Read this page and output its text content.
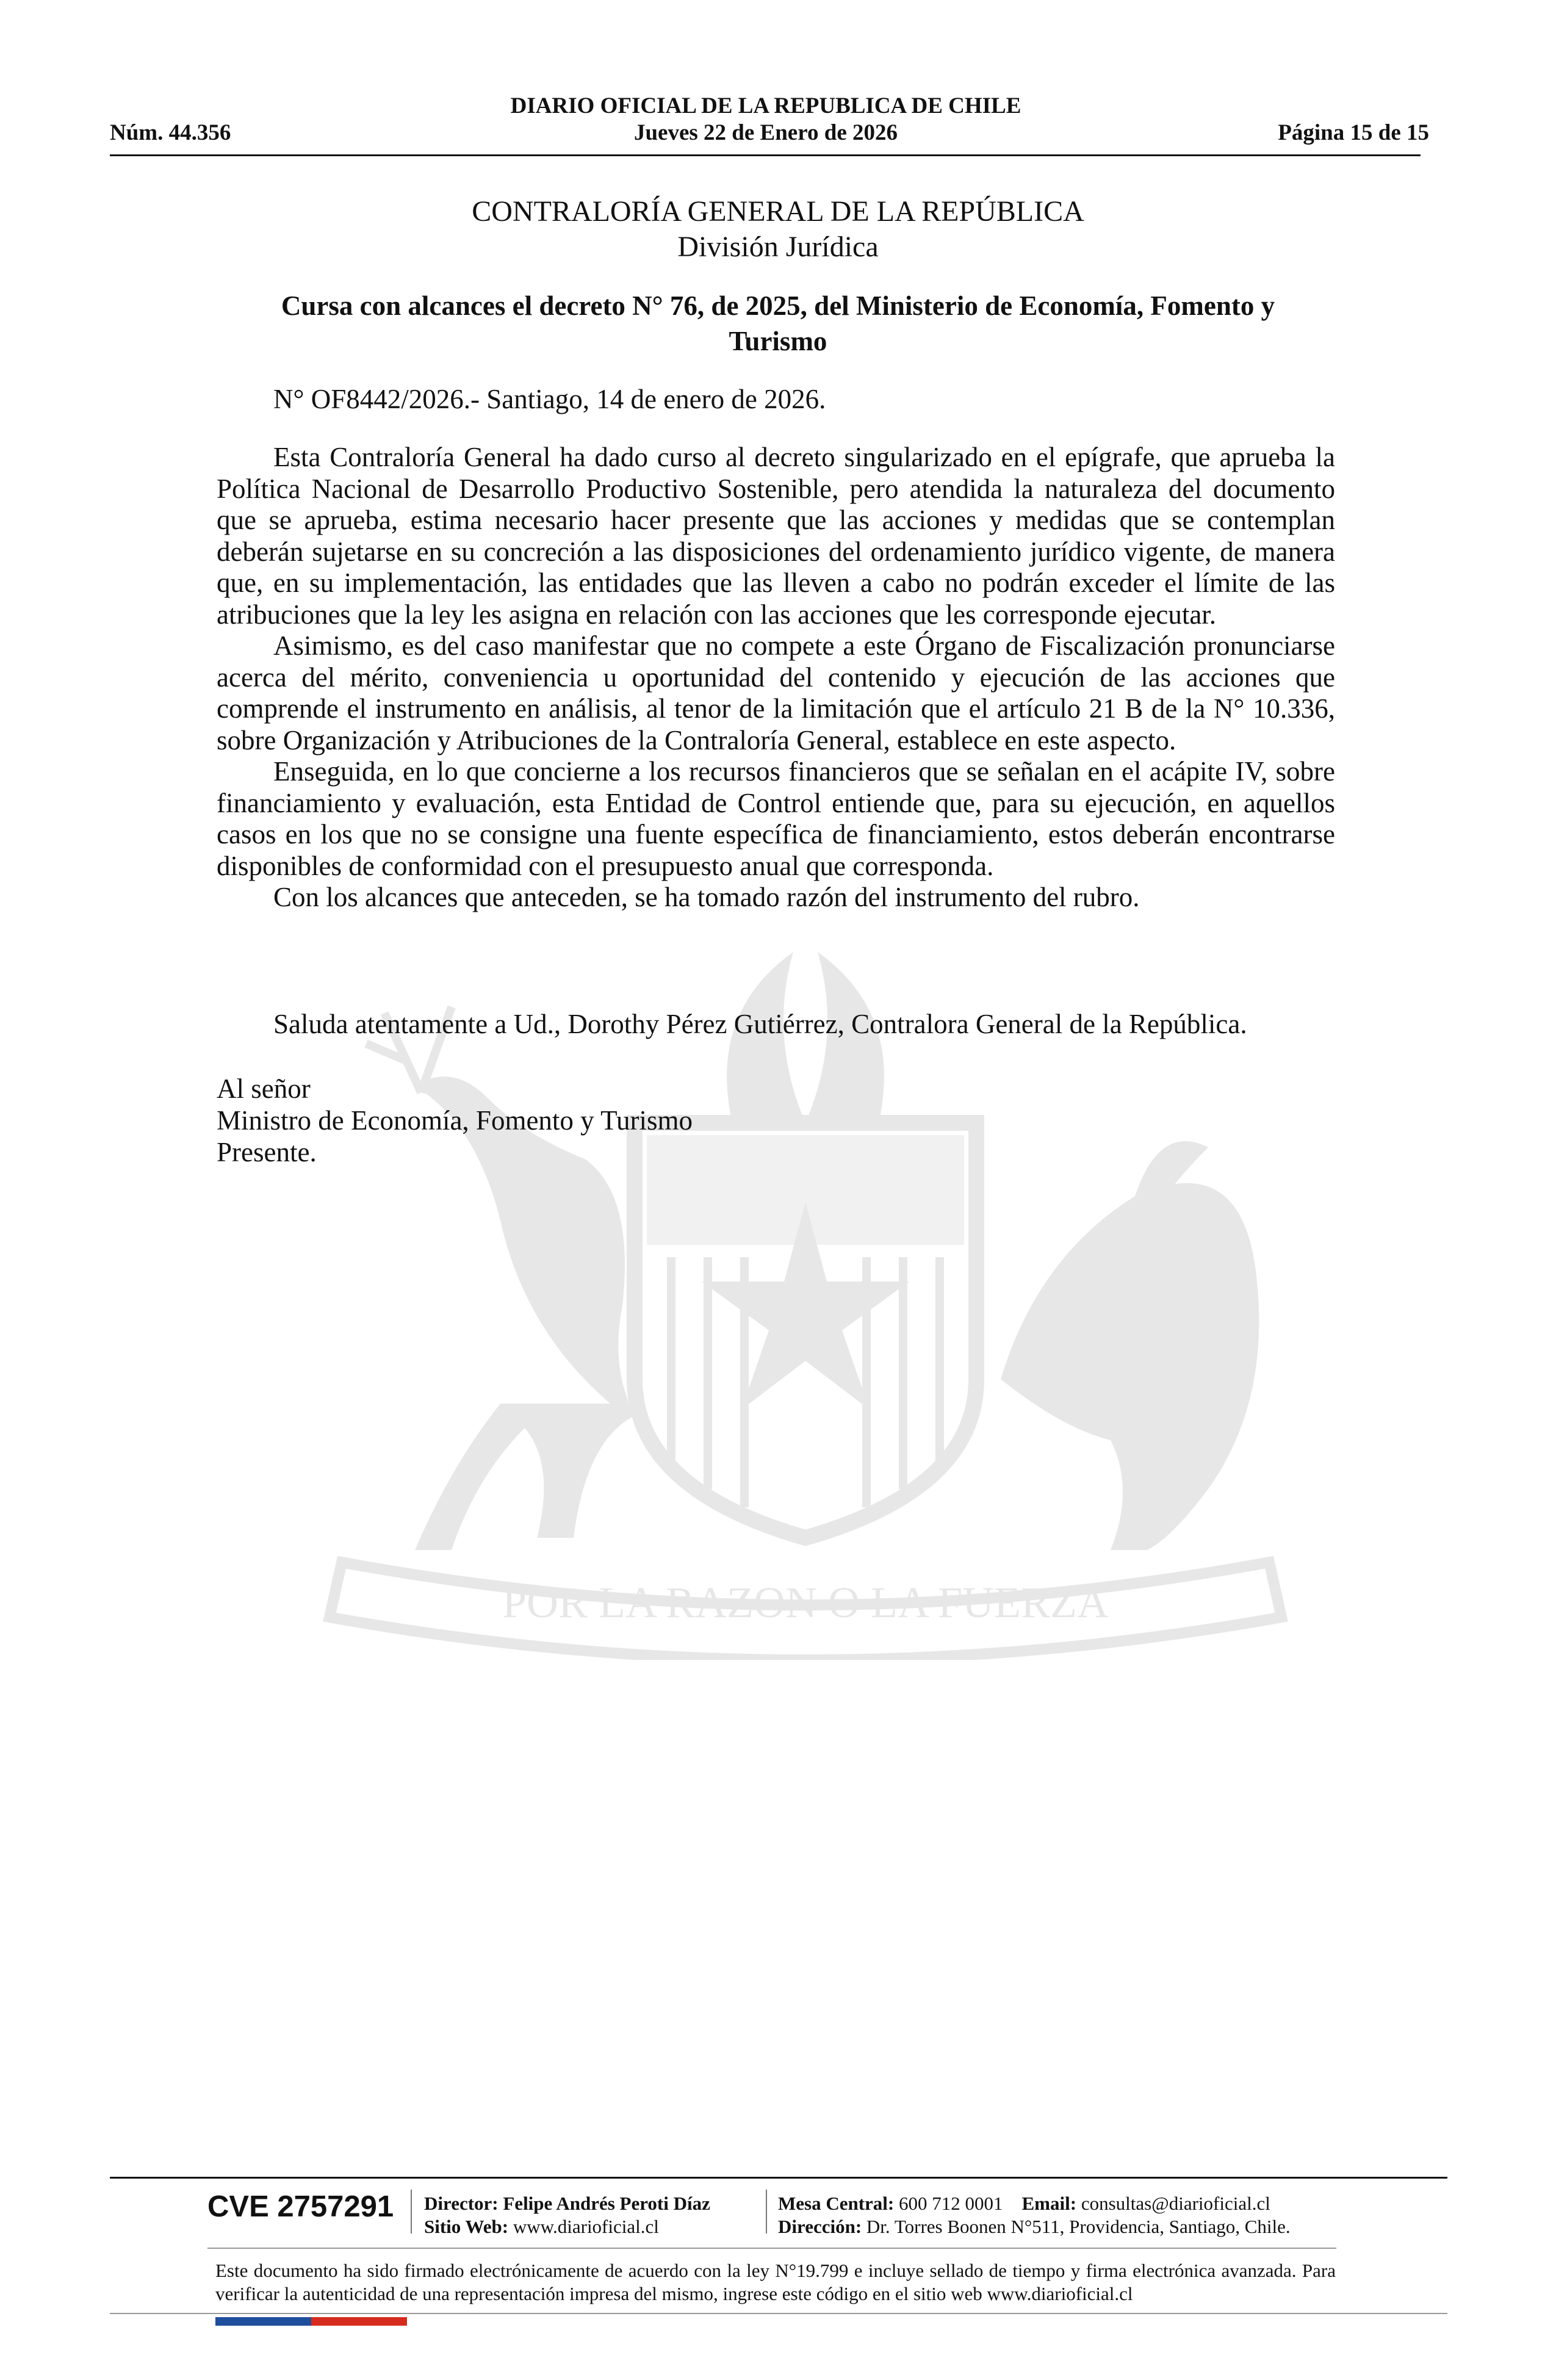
DIARIO OFICIAL DE LA REPUBLICA DE CHILE
Núm. 44.356	Jueves 22 de Enero de 2026	Página 15 de 15
POR LA RAZON O LA FUERZA
CONTRALORÍA GENERAL DE LA REPÚBLICA
División Jurídica
Cursa con alcances el decreto N° 76, de 2025, del Ministerio de Economía, Fomento y Turismo
N° OF8442/2026.- Santiago, 14 de enero de 2026.

Esta Contraloría General ha dado curso al decreto singularizado en el epígrafe, que aprueba la Política Nacional de Desarrollo Productivo Sostenible, pero atendida la naturaleza del documento que se aprueba, estima necesario hacer presente que las acciones y medidas que se contemplan deberán sujetarse en su concreción a las disposiciones del ordenamiento jurídico vigente, de manera que, en su implementación, las entidades que las lleven a cabo no podrán exceder el límite de las atribuciones que la ley les asigna en relación con las acciones que les corresponde ejecutar.

Asimismo, es del caso manifestar que no compete a este Órgano de Fiscalización pronunciarse acerca del mérito, conveniencia u oportunidad del contenido y ejecución de las acciones que comprende el instrumento en análisis, al tenor de la limitación que el artículo 21 B de la N° 10.336, sobre Organización y Atribuciones de la Contraloría General, establece en este aspecto.

Enseguida, en lo que concierne a los recursos financieros que se señalan en el acápite IV, sobre financiamiento y evaluación, esta Entidad de Control entiende que, para su ejecución, en aquellos casos en los que no se consigne una fuente específica de financiamiento, estos deberán encontrarse disponibles de conformidad con el presupuesto anual que corresponda.

Con los alcances que anteceden, se ha tomado razón del instrumento del rubro.

Saluda atentamente a Ud., Dorothy Pérez Gutiérrez, Contralora General de la República.
Al señor
Ministro de Economía, Fomento y Turismo
Presente.
CVE 2757291 Director: Felipe Andrés Peroti Díaz
Sitio Web: www.diarioficial.cl
Mesa Central: 600 712 0001 Email: consultas@diarioficial.cl
Dirección: Dr. Torres Boonen N°511, Providencia, Santiago, Chile.
Este documento ha sido firmado electrónicamente de acuerdo con la ley N°19.799 e incluye sellado de tiempo y firma electrónica avanzada. Para verificar la autenticidad de una representación impresa del mismo, ingrese este código en el sitio web www.diarioficial.cl
